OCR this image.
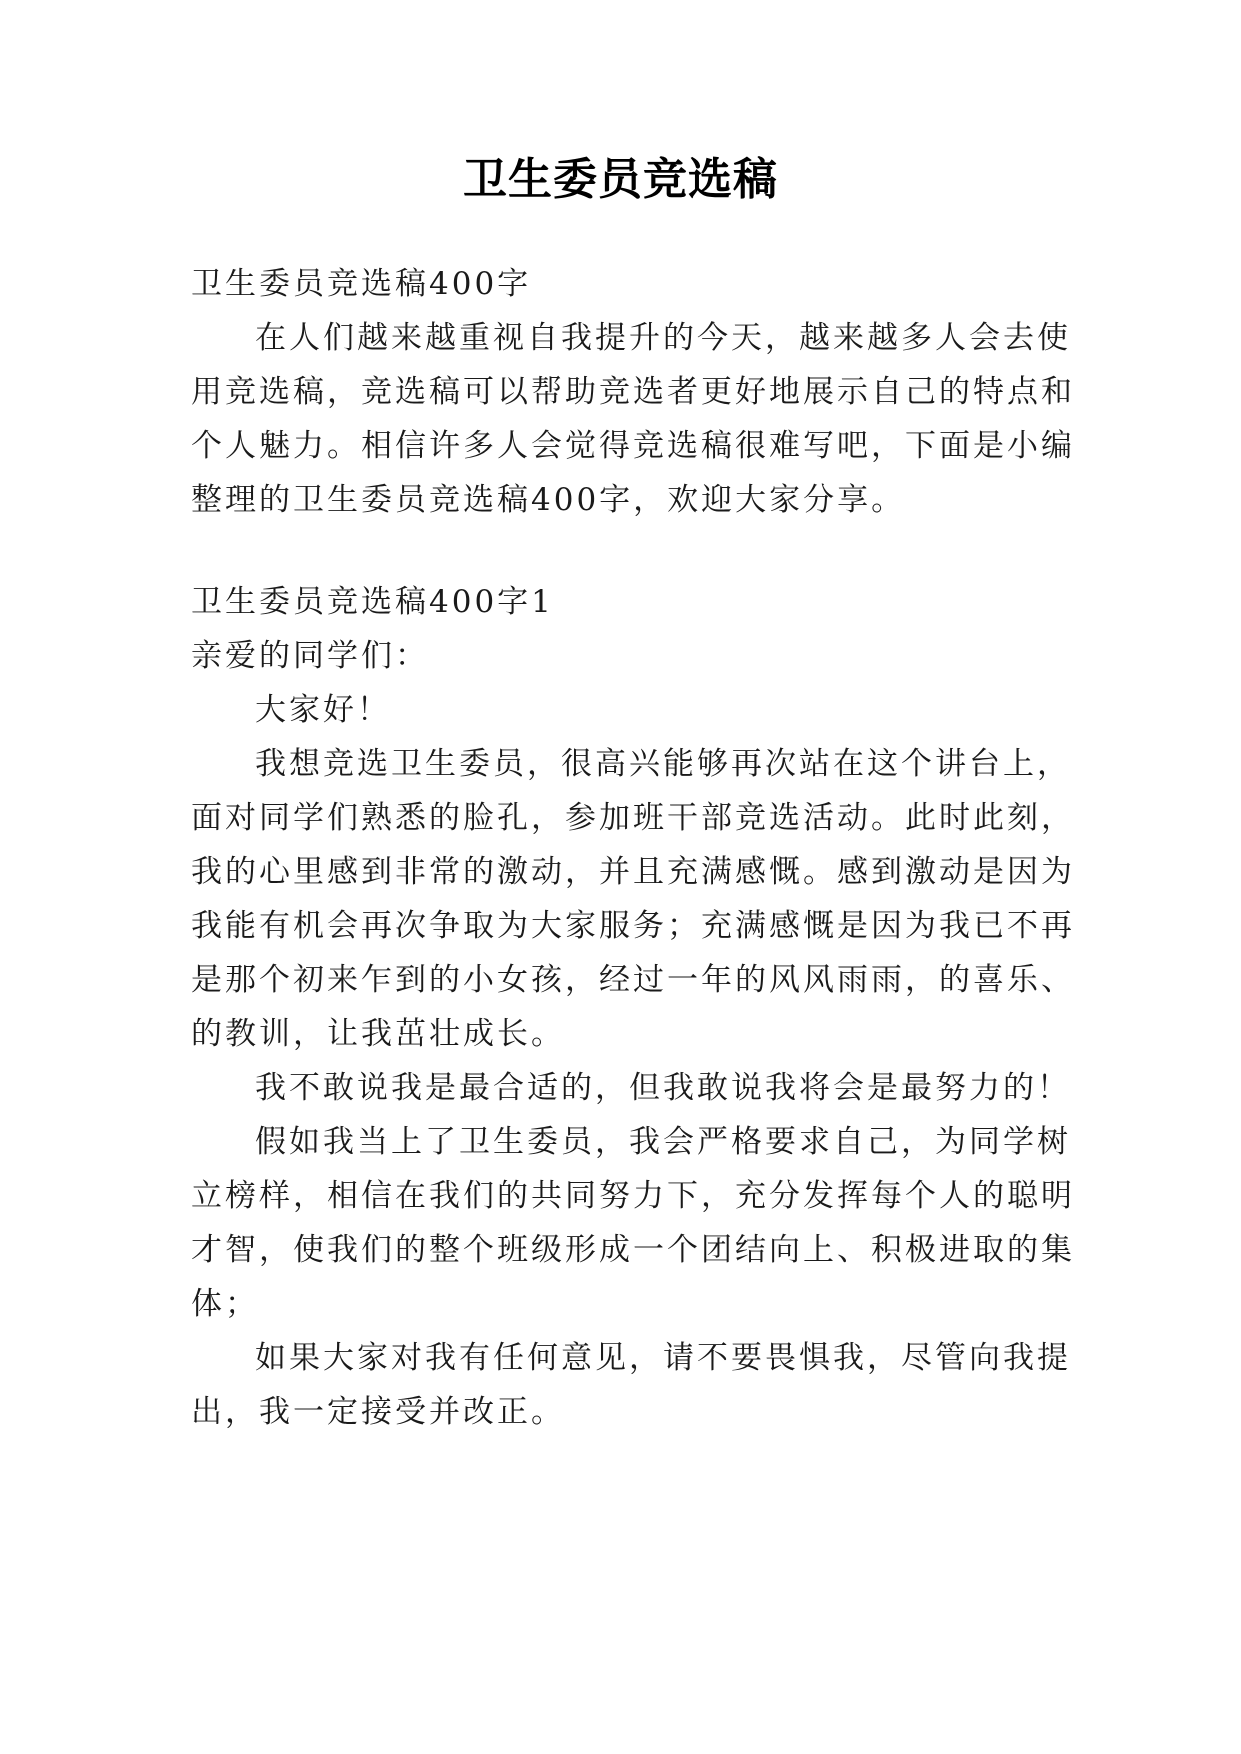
卫生委员竞选稿
卫生委员竞选稿400字
在人们越来越重视自我提升的今天，越来越多人会去使
用竞选稿，竞选稿可以帮助竞选者更好地展示自己的特点和
个人魅力。相信许多人会觉得竞选稿很难写吧，下面是小编
整理的卫生委员竞选稿400字，欢迎大家分享。
卫生委员竞选稿400字1
亲爱的同学们：
大家好！
我想竞选卫生委员，很高兴能够再次站在这个讲台上，
面对同学们熟悉的脸孔，参加班干部竞选活动。此时此刻，
我的心里感到非常的激动，并且充满感慨。感到激动是因为
我能有机会再次争取为大家服务；充满感慨是因为我已不再
是那个初来乍到的小女孩，经过一年的风风雨雨，的喜乐、
的教训，让我茁壮成长。
我不敢说我是最合适的，但我敢说我将会是最努力的！
假如我当上了卫生委员，我会严格要求自己，为同学树
立榜样，相信在我们的共同努力下，充分发挥每个人的聪明
才智，使我们的整个班级形成一个团结向上、积极进取的集
体；
如果大家对我有任何意见，请不要畏惧我，尽管向我提
出，我一定接受并改正。
